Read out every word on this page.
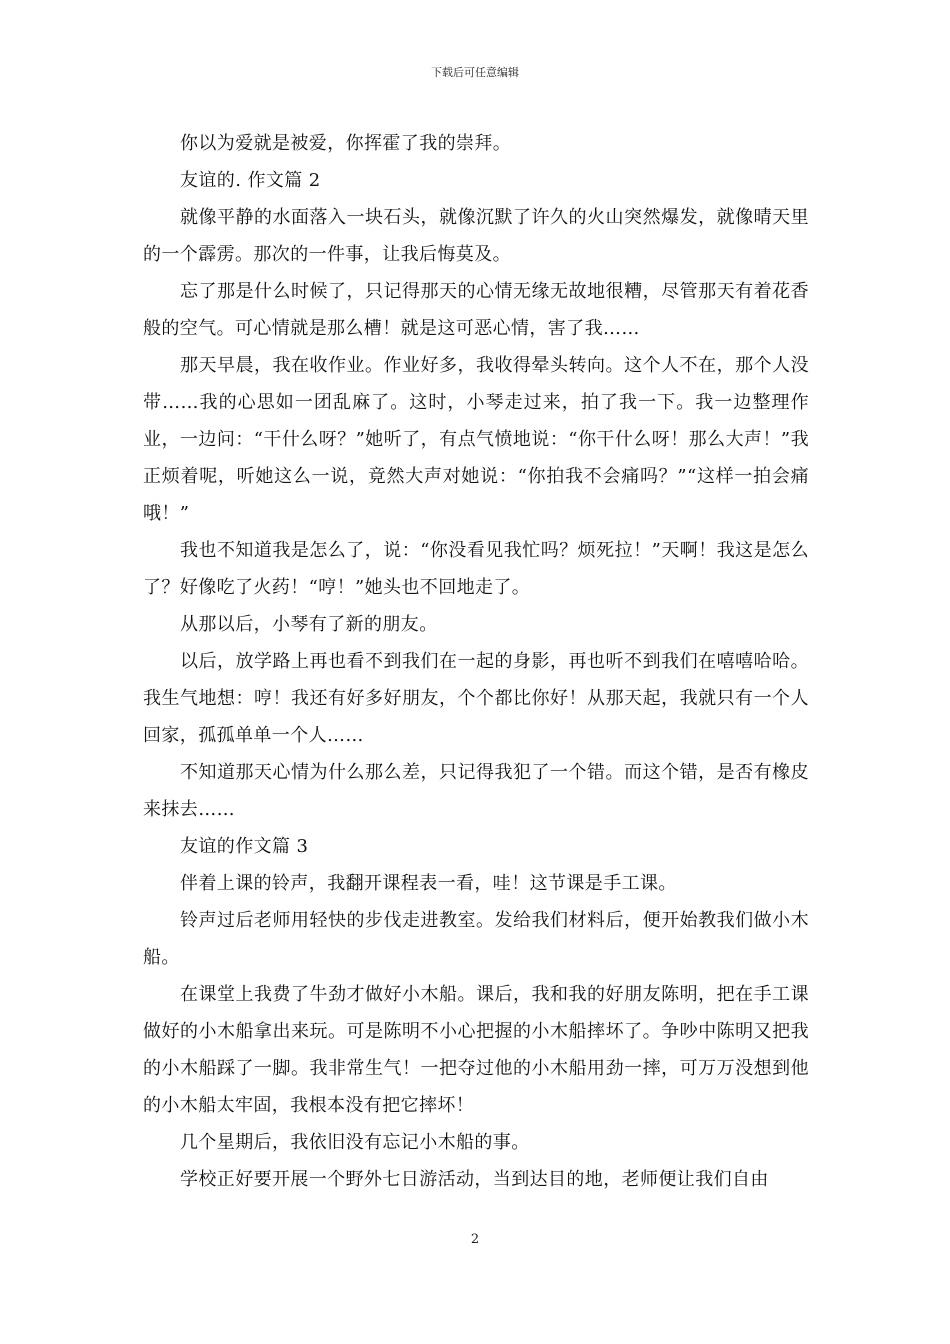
下载后可任意编辑

你以为爱就是被爱，你挥霍了我的崇拜。

友谊的. 作文篇 2

就像平静的水面落入一块石头，就像沉默了许久的火山突然爆发，就像晴天里的一个霹雳。那次的一件事，让我后悔莫及。

忘了那是什么时候了，只记得那天的心情无缘无故地很糟，尽管那天有着花香般的空气。可心情就是那么槽！就是这可恶心情，害了我……

那天早晨，我在收作业。作业好多，我收得晕头转向。这个人不在，那个人没带……我的心思如一团乱麻了。这时，小琴走过来，拍了我一下。我一边整理作业，一边问：“干什么呀？”她听了，有点气愤地说：“你干什么呀！那么大声！”我正烦着呢，听她这么一说，竟然大声对她说：“你拍我不会痛吗？”“这样一拍会痛哦！”

我也不知道我是怎么了，说：“你没看见我忙吗？烦死拉！”天啊！我这是怎么了？好像吃了火药！“哼！”她头也不回地走了。

从那以后，小琴有了新的朋友。

以后，放学路上再也看不到我们在一起的身影，再也听不到我们在嘻嘻哈哈。我生气地想：哼！我还有好多好朋友，个个都比你好！从那天起，我就只有一个人回家，孤孤单单一个人……

不知道那天心情为什么那么差，只记得我犯了一个错。而这个错，是否有橡皮来抹去……

友谊的作文篇 3

伴着上课的铃声，我翻开课程表一看，哇！这节课是手工课。

铃声过后老师用轻快的步伐走进教室。发给我们材料后，便开始教我们做小木船。

在课堂上我费了牛劲才做好小木船。课后，我和我的好朋友陈明，把在手工课做好的小木船拿出来玩。可是陈明不小心把握的小木船摔坏了。争吵中陈明又把我的小木船踩了一脚。我非常生气！一把夺过他的小木船用劲一摔，可万万没想到他的小木船太牢固，我根本没有把它摔坏！

几个星期后，我依旧没有忘记小木船的事。

学校正好要开展一个野外七日游活动，当到达目的地，老师便让我们自由

2
